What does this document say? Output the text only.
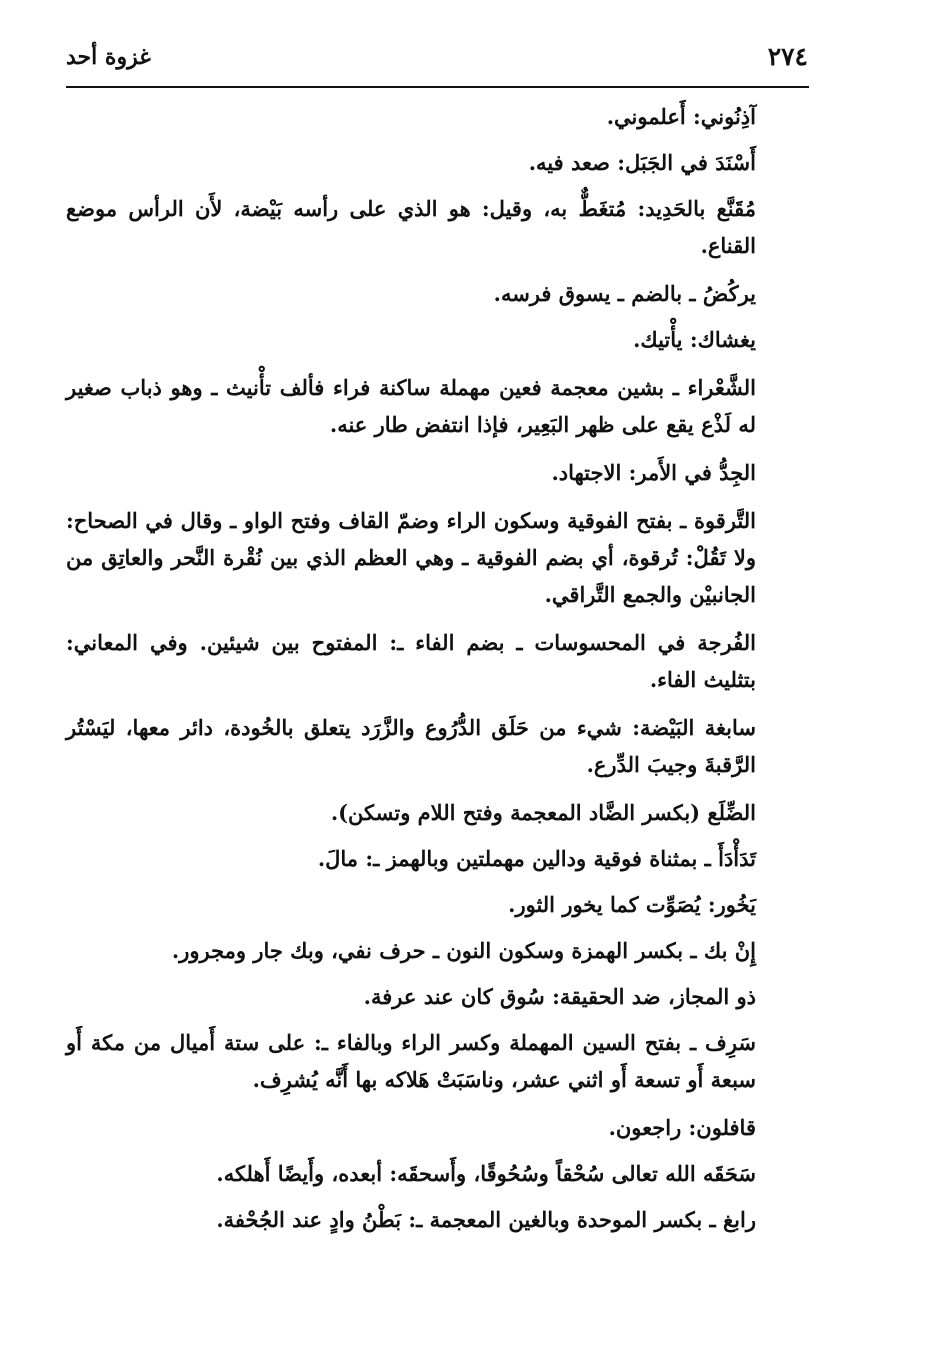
٢٧٤
غزوة أحد

آذِنُوني: أَعلموني.

أَسْنَدَ في الجَبَل: صعد فيه.

مُقَنَّع بالحَدِيد: مُتغَطٌّ به، وقيل: هو الذي على رأسه بَيْضة، لأَن الرأس موضع القناع.

يركُضُ ـ بالضم ـ يسوق فرسه.

يغشاك: يأْتيك.

الشَّعْراء ـ بشين معجمة فعين مهملة ساكنة فراء فألف تأْنيث ـ وهو ذباب صغير له لَذْع يقع على ظهر البَعِير، فإذا انتفض طار عنه.

الجِدُّ في الأَمر: الاجتهاد.

التَّرقوة ـ بفتح الفوقية وسكون الراء وضمّ القاف وفتح الواو ـ وقال في الصحاح: ولا تَقُلْ: تُرقوة، أي بضم الفوقية ـ وهي العظم الذي بين نُقْرة النَّحر والعاتِق من الجانبيْن والجمع التَّراقي.

الفُرجة في المحسوسات ـ بضم الفاء ـ: المفتوح بين شيئين. وفي المعاني: بتثليث الفاء.

سابغة البَيْضة: شيء من حَلَق الدُّرُوع والزَّرَد يتعلق بالخُودة، دائر معها، ليَسْتُر الرَّقبةَ وجيبَ الدِّرع.

الضِّلَع (بكسر الضَّاد المعجمة وفتح اللام وتسكن).

تَدَأْدَأَ ـ بمثناة فوقية ودالين مهملتين وبالهمز ـ: مالَ.

يَخُور: يُصَوِّت كما يخور الثور.

إِنْ بك ـ بكسر الهمزة وسكون النون ـ حرف نفي، وبك جار ومجرور.

ذو المجاز، ضد الحقيقة: سُوق كان عند عرفة.

سَرِف ـ بفتح السين المهملة وكسر الراء وبالفاء ـ: على ستة أَميال من مكة أَو سبعة أَو تسعة أَو اثني عشر، وناسَبَتْ هَلاكه بها أَنَّه يُشرِف.

قافلون: راجعون.

سَحَقَه الله تعالى سُحْقاً وسُحُوقًا، وأَسحقَه: أبعده، وأَيضًا أَهلكه.

رابغ ـ بكسر الموحدة وبالغين المعجمة ـ: بَطْنُ وادٍ عند الجُحْفة.
